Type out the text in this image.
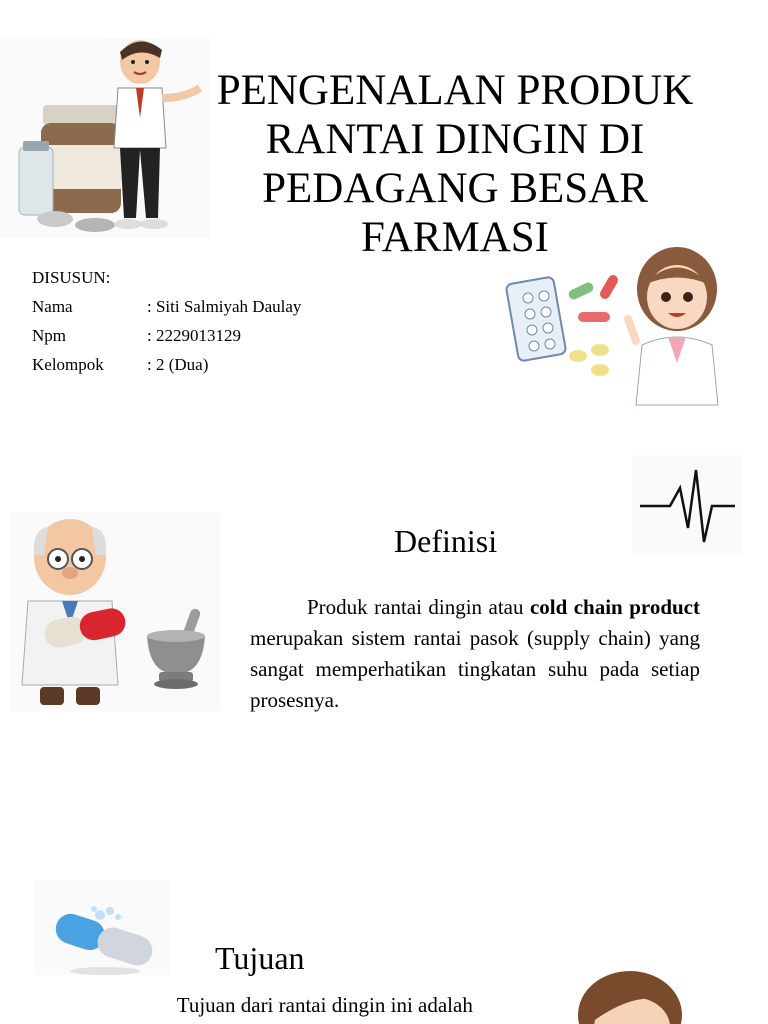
PENGENALAN PRODUK
RANTAI DINGIN DI
PEDAGANG BESAR
FARMASI
DISUSUN:
Nama	: Siti Salmiyah Daulay
Npm	: 2229013129
Kelompok	: 2 (Dua)
Definisi

Produk rantai dingin atau cold chain product merupakan sistem rantai pasok (supply chain) yang sangat memperhatikan tingkatan suhu pada setiap prosesnya.

Tujuan

Tujuan dari rantai dingin ini adalah
